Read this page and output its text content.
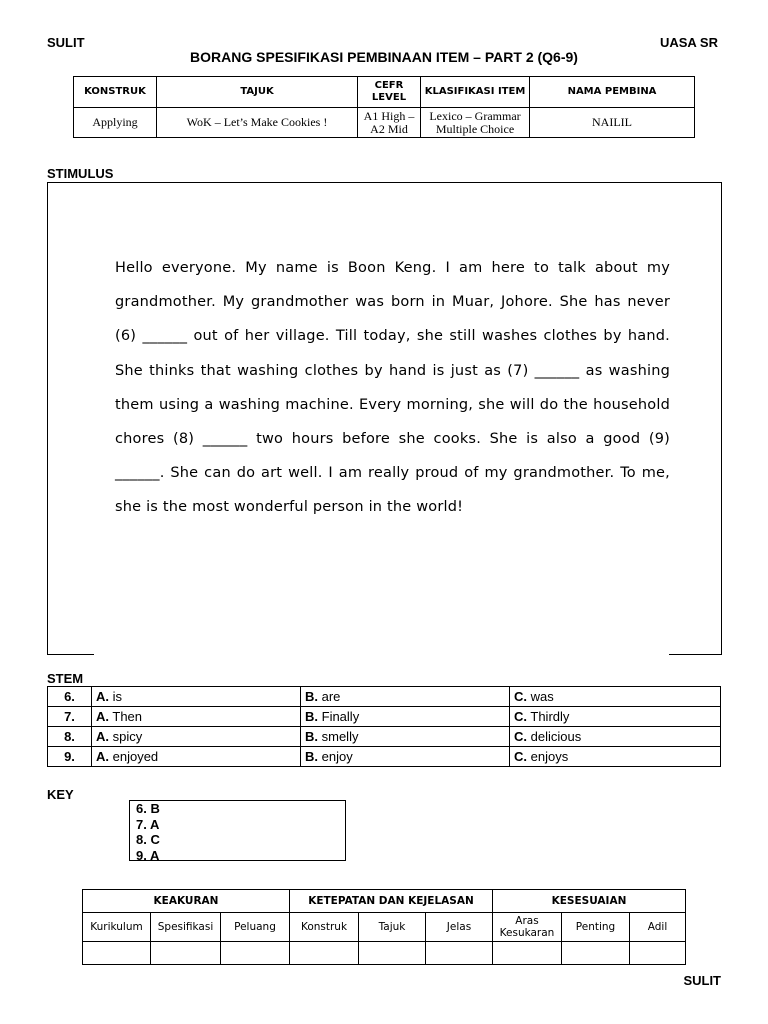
SULIT	UASA SR
BORANG SPESIFIKASI PEMBINAAN ITEM – PART 2 (Q6-9)
KONSTRUK	TAJUK	CEFR LEVEL	KLASIFIKASI ITEM	NAMA PEMBINA
Applying	WoK – Let’s Make Cookies !	A1 High – A2 Mid	Lexico – Grammar Multiple Choice	NAILIL
STIMULUS
Hello everyone. My name is Boon Keng. I am here to talk about my grandmother. My grandmother was born in Muar, Johore. She has never (6) ______ out of her village. Till today, she still washes clothes by hand. She thinks that washing clothes by hand is just as (7) ______ as washing them using a washing machine. Every morning, she will do the household chores (8) ______ two hours before she cooks. She is also a good (9) ______. She can do art well. I am really proud of my grandmother. To me, she is the most wonderful person in the world!
STEM
6.	A. is	B. are	C. was
7.	A. Then	B. Finally	C. Thirdly
8.	A. spicy	B. smelly	C. delicious
9.	A. enjoyed	B. enjoy	C. enjoys
KEY
6. B
7. A
8. C
9. A
KEAKURAN			KETEPATAN DAN KEJELASAN			KESESUAIAN		
Kurikulum	Spesifikasi	Peluang	Konstruk	Tajuk	Jelas	Aras Kesukaran	Penting	Adil

SULIT
